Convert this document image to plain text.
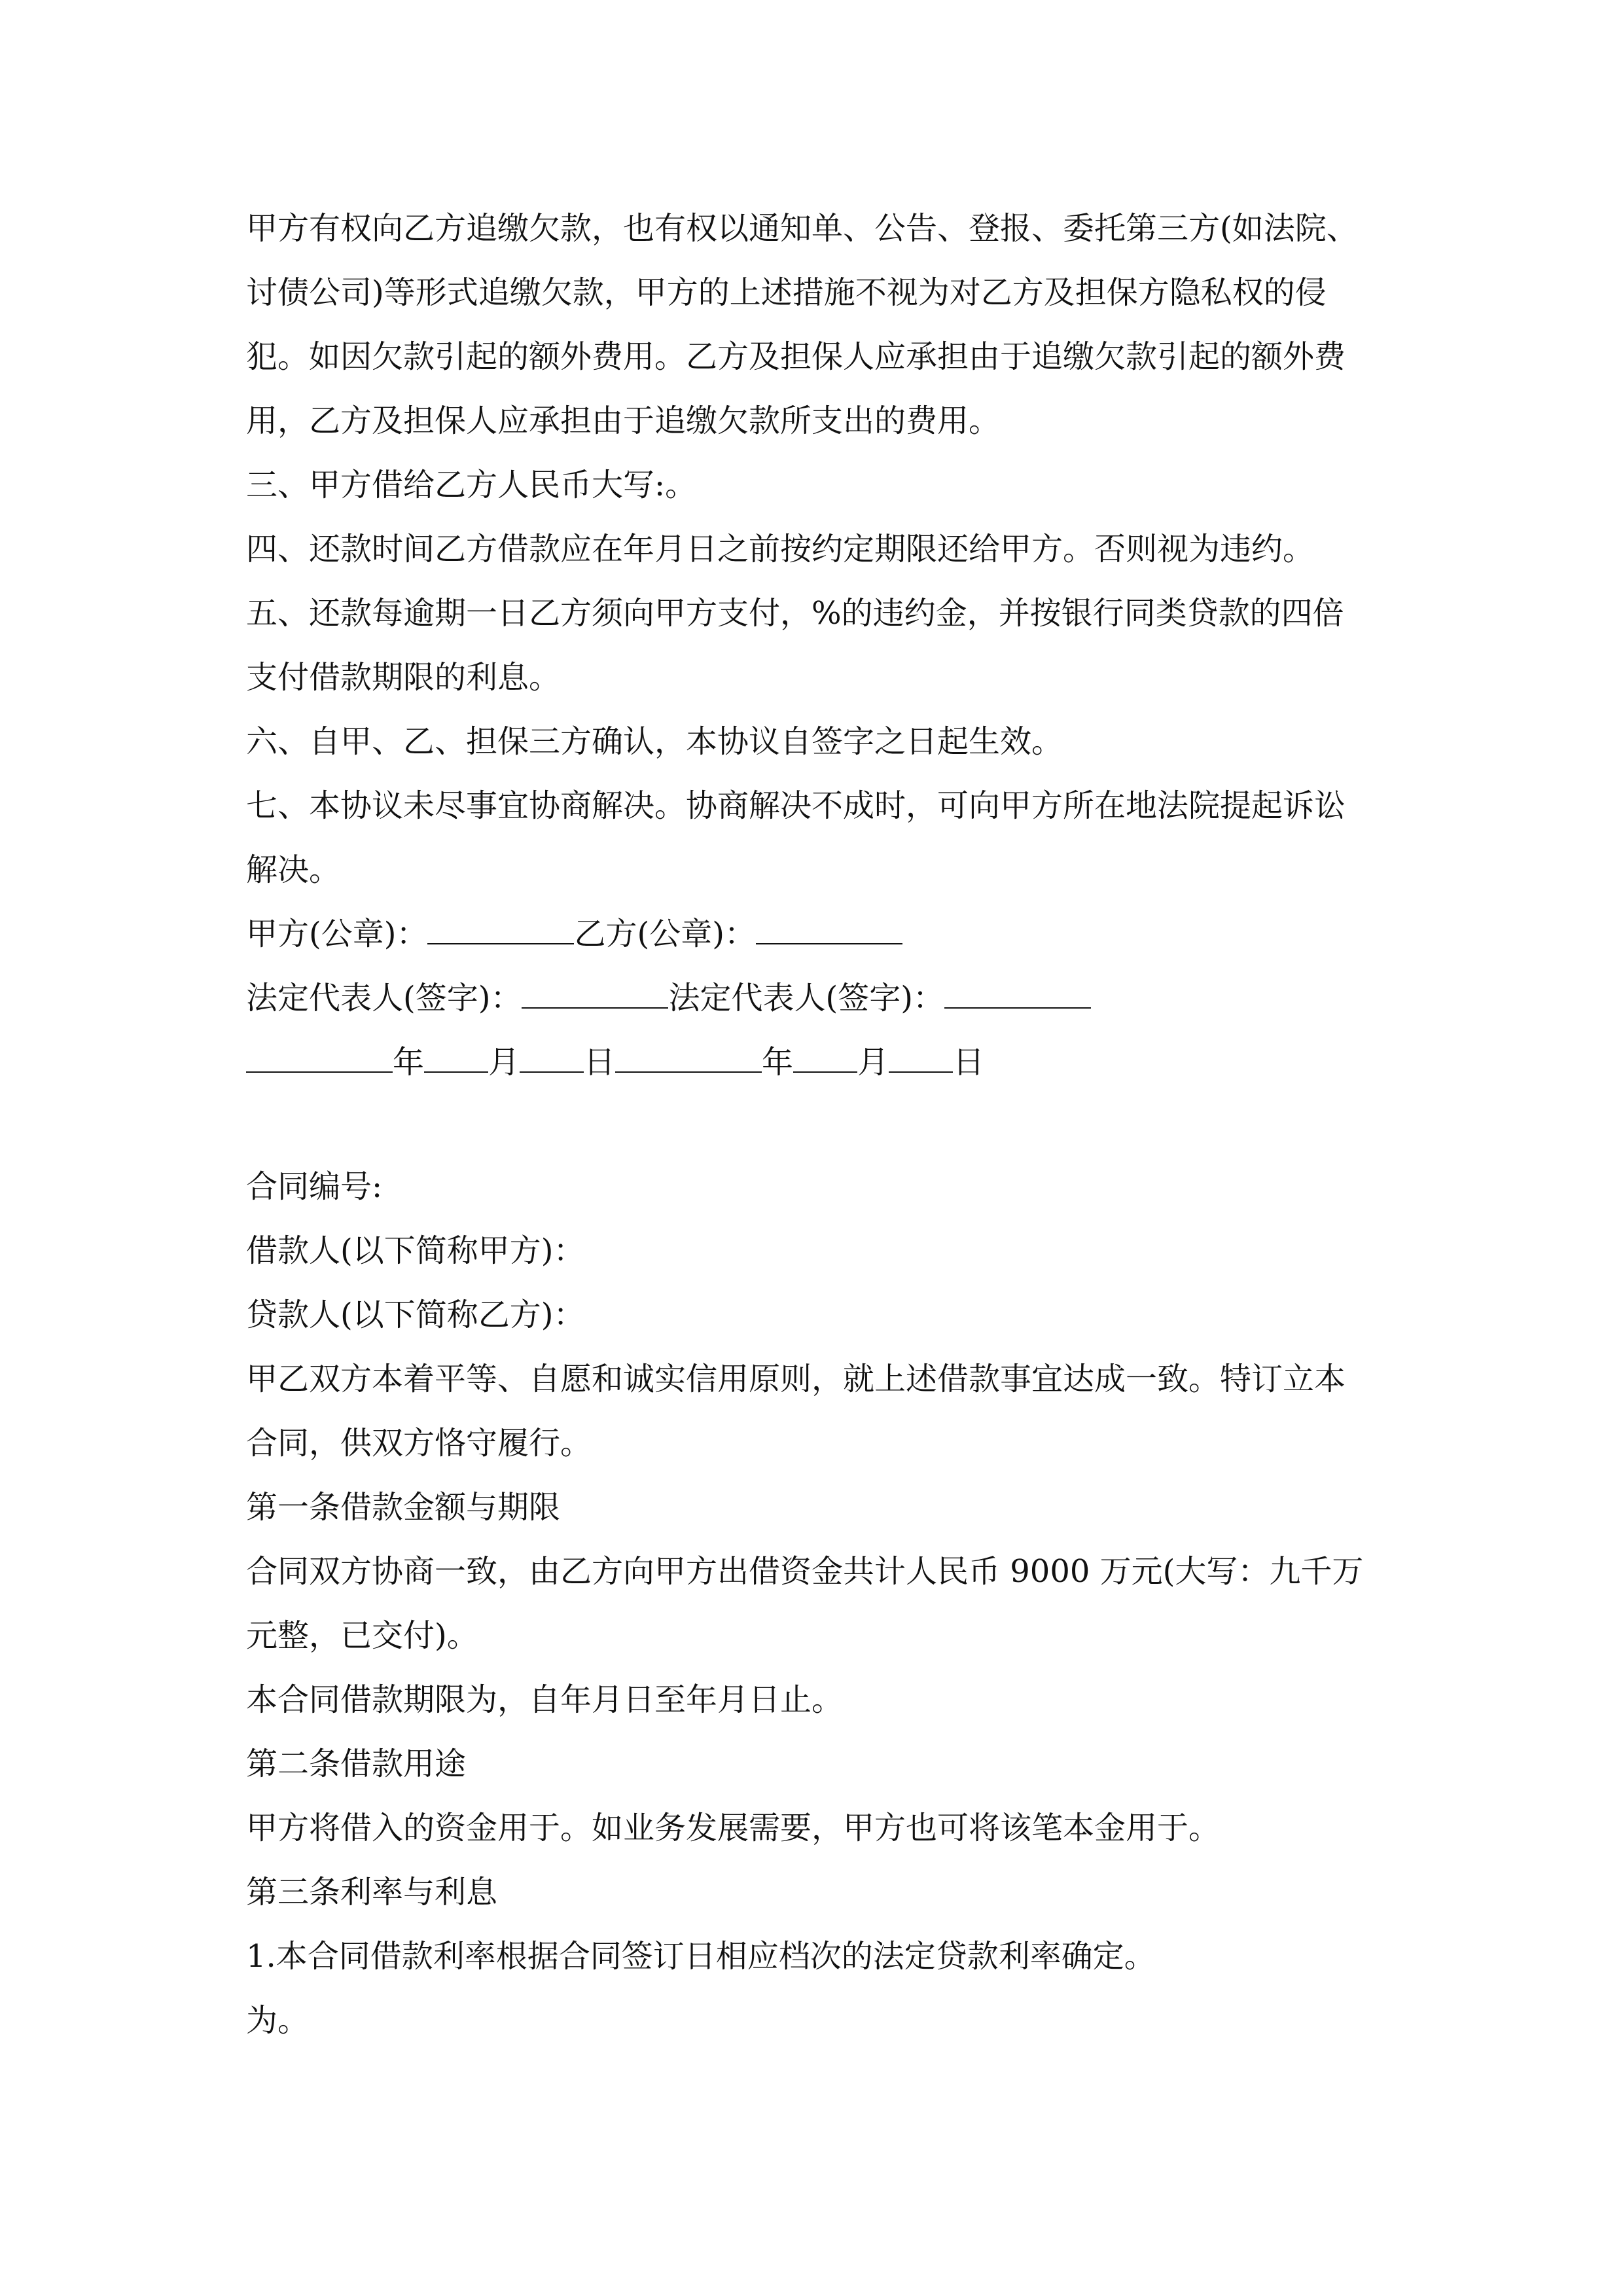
甲方有权向乙方追缴欠款，也有权以通知单、公告、登报、委托第三方(如法院、
讨债公司)等形式追缴欠款，甲方的上述措施不视为对乙方及担保方隐私权的侵
犯。如因欠款引起的额外费用。乙方及担保人应承担由于追缴欠款引起的额外费
用，乙方及担保人应承担由于追缴欠款所支出的费用。
三、甲方借给乙方人民币大写:。
四、还款时间乙方借款应在年月日之前按约定期限还给甲方。否则视为违约。
五、还款每逾期一日乙方须向甲方支付，%的违约金，并按银行同类贷款的四倍
支付借款期限的利息。
六、自甲、乙、担保三方确认，本协议自签字之日起生效。
七、本协议未尽事宜协商解决。协商解决不成时，可向甲方所在地法院提起诉讼
解决。
甲方(公章)：	乙方(公章)：
法定代表人(签字)：	法定代表人(签字)：
年 月 日	年 月 日
合同编号:
借款人(以下简称甲方)：
贷款人(以下简称乙方)：
甲乙双方本着平等、自愿和诚实信用原则，就上述借款事宜达成一致。特订立本
合同，供双方恪守履行。
第一条借款金额与期限
合同双方协商一致，由乙方向甲方出借资金共计人民币 9000 万元(大写：九千万
元整，已交付)。
本合同借款期限为，自年月日至年月日止。
第二条借款用途
甲方将借入的资金用于。如业务发展需要，甲方也可将该笔本金用于。
第三条利率与利息
1.本合同借款利率根据合同签订日相应档次的法定贷款利率确定。
为。
